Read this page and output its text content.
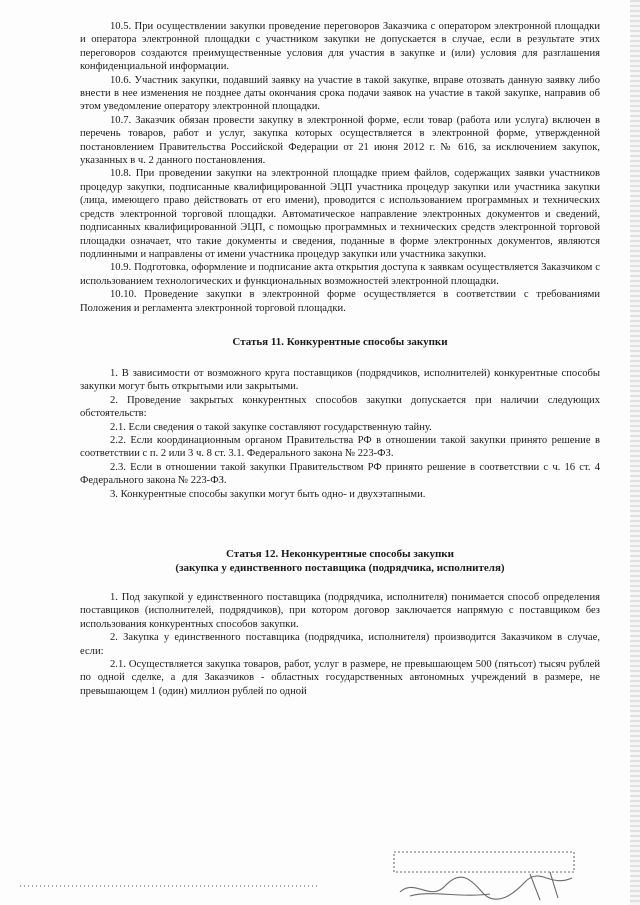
10.5. При осуществлении закупки проведение переговоров Заказчика с оператором электронной площадки и оператора электронной площадки с участником закупки не допускается в случае, если в результате этих переговоров создаются преимущественные условия для участия в закупке и (или) условия для разглашения конфиденциальной информации.

10.6. Участник закупки, подавший заявку на участие в такой закупке, вправе отозвать данную заявку либо внести в нее изменения не позднее даты окончания срока подачи заявок на участие в такой закупке, направив об этом уведомление оператору электронной площадки.

10.7. Заказчик обязан провести закупку в электронной форме, если товар (работа или услуга) включен в перечень товаров, работ и услуг, закупка которых осуществляется в электронной форме, утвержденной постановлением Правительства Российской Федерации от 21 июня 2012 г. № 616, за исключением закупок, указанных в ч. 2 данного постановления.

10.8. При проведении закупки на электронной площадке прием файлов, содержащих заявки участников процедур закупки, подписанные квалифицированной ЭЦП участника процедур закупки или участника закупки (лица, имеющего право действовать от его имени), проводится с использованием программных и технических средств электронной торговой площадки. Автоматическое направление электронных документов и сведений, подписанных квалифицированной ЭЦП, с помощью программных и технических средств электронной торговой площадки означает, что такие документы и сведения, поданные в форме электронных документов, являются подлинными и направлены от имени участника процедур закупки или участника закупки.

10.9. Подготовка, оформление и подписание акта открытия доступа к заявкам осуществляется Заказчиком с использованием технологических и функциональных возможностей электронной площадки.

10.10. Проведение закупки в электронной форме осуществляется в соответствии с требованиями Положения и регламента электронной торговой площадки.

Статья 11. Конкурентные способы закупки

1. В зависимости от возможного круга поставщиков (подрядчиков, исполнителей) конкурентные способы закупки могут быть открытыми или закрытыми.

2. Проведение закрытых конкурентных способов закупки допускается при наличии следующих обстоятельств:

2.1. Если сведения о такой закупке составляют государственную тайну.

2.2. Если координационным органом Правительства РФ в отношении такой закупки принято решение в соответствии с п. 2 или 3 ч. 8 ст. 3.1. Федерального закона № 223-ФЗ.

2.3. Если в отношении такой закупки Правительством РФ принято решение в соответствии с ч. 16 ст. 4 Федерального закона № 223-ФЗ.

3. Конкурентные способы закупки могут быть одно- и двухэтапными.

Статья 12. Неконкурентные способы закупки
(закупка у единственного поставщика (подрядчика, исполнителя)

1. Под закупкой у единственного поставщика (подрядчика, исполнителя) понимается способ определения поставщиков (исполнителей, подрядчиков), при котором договор заключается напрямую с поставщиком без использования конкурентных способов закупки.

2. Закупка у единственного поставщика (подрядчика, исполнителя) производится Заказчиком в случае, если:

2.1. Осуществляется закупка товаров, работ, услуг в размере, не превышающем 500 (пятьсот) тысяч рублей по одной сделке, а для Заказчиков - областных государственных автономных учреждений в размере, не превышающем 1 (один) миллион рублей по одной
